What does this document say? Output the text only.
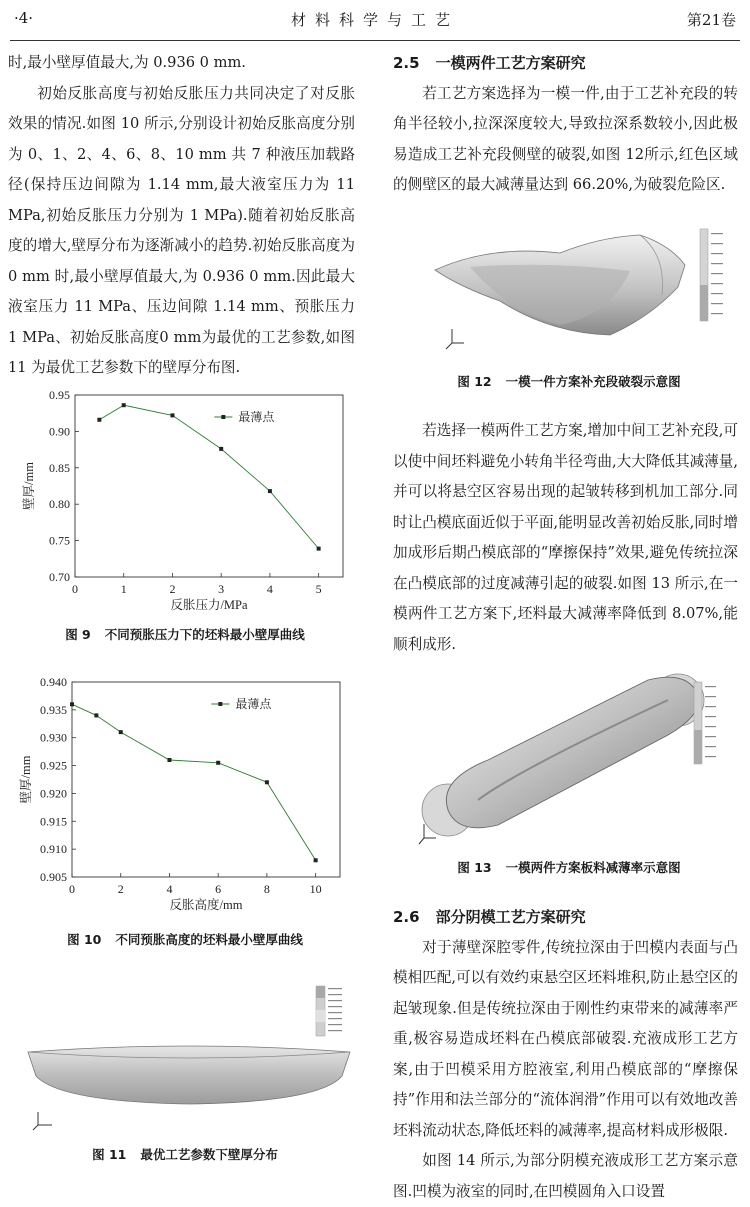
·4·	材料科学与工艺	第21卷

时,最小壁厚值最大,为 0.936 0 mm.

初始反胀高度与初始反胀压力共同决定了对反胀效果的情况.如图 10 所示,分别设计初始反胀高度分别为 0、1、2、4、6、8、10 mm 共 7 种液压加载路径(保持压边间隙为 1.14 mm,最大液室压力为 11 MPa,初始反胀压力分别为 1 MPa).随着初始反胀高度的增大,壁厚分布为逐渐减小的趋势.初始反胀高度为 0 mm 时,最小壁厚值最大,为 0.936 0 mm.因此最大液室压力 11 MPa、压边间隙 1.14 mm、预胀压力 1 MPa、初始反胀高度0 mm为最优的工艺参数,如图 11 为最优工艺参数下的壁厚分布图.

0.70
0.75
0.80
0.85
0.90
0.95
0	1	2	3	4	5
最薄点
反胀压力/MPa
壁厚/mm
图 9 不同预胀压力下的坯料最小壁厚曲线
0.905
0.910
0.915
0.920
0.925
0.930
0.935
0.940
0	2	4	6	8	10
最薄点
反胀高度/mm
壁厚/mm
图 10 不同预胀高度的坯料最小壁厚曲线
图 11 最优工艺参数下壁厚分布
2.5 一模两件工艺方案研究

若工艺方案选择为一模一件,由于工艺补充段的转角半径较小,拉深深度较大,导致拉深系数较小,因此极易造成工艺补充段侧壁的破裂,如图 12所示,红色区域的侧壁区的最大减薄量达到 66.20%,为破裂危险区.

图 12 一模一件方案补充段破裂示意图

若选择一模两件工艺方案,增加中间工艺补充段,可以使中间坯料避免小转角半径弯曲,大大降低其减薄量,并可以将悬空区容易出现的起皱转移到机加工部分.同时让凸模底面近似于平面,能明显改善初始反胀,同时增加成形后期凸模底部的“摩擦保持”效果,避免传统拉深在凸模底部的过度减薄引起的破裂.如图 13 所示,在一模两件工艺方案下,坯料最大减薄率降低到 8.07%,能顺利成形.

图 13 一模两件方案板料减薄率示意图
2.6 部分阴模工艺方案研究

对于薄壁深腔零件,传统拉深由于凹模内表面与凸模相匹配,可以有效约束悬空区坯料堆积,防止悬空区的起皱现象.但是传统拉深由于刚性约束带来的减薄率严重,极容易造成坯料在凸模底部破裂.充液成形工艺方案,由于凹模采用方腔液室,利用凸模底部的“摩擦保持”作用和法兰部分的“流体润滑”作用可以有效地改善坯料流动状态,降低坯料的减薄率,提高材料成形极限.

如图 14 所示,为部分阴模充液成形工艺方案示意图.凹模为液室的同时,在凹模圆角入口设置
